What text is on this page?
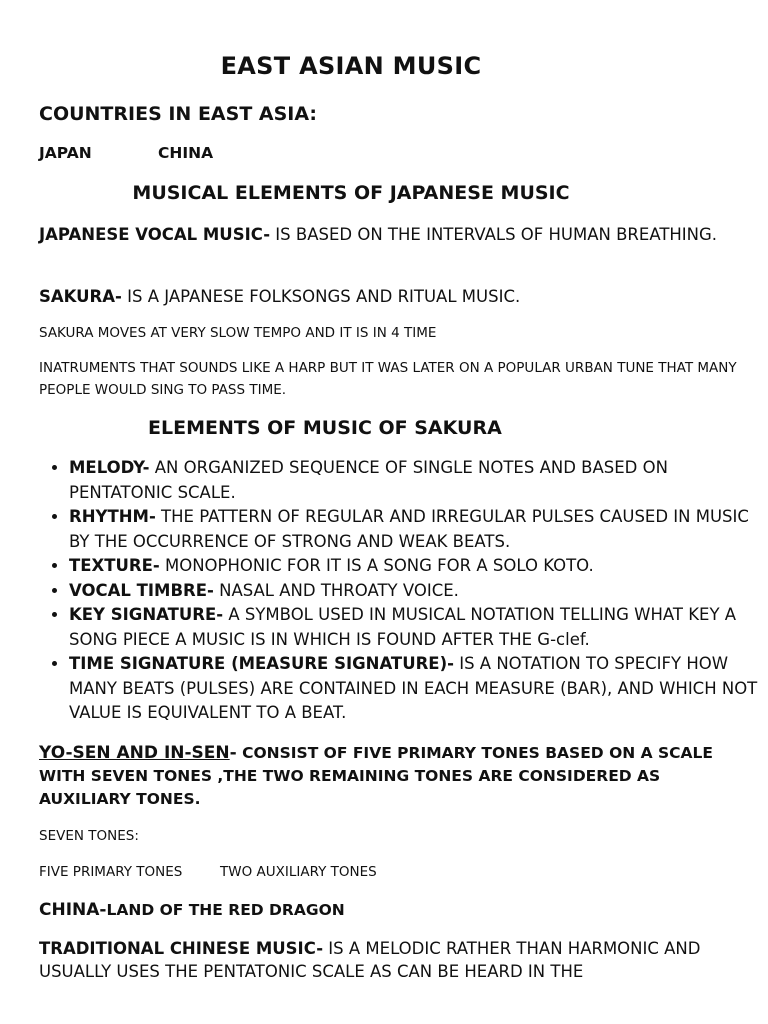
EAST ASIAN MUSIC
COUNTRIES IN EAST ASIA:
JAPAN	CHINA
MUSICAL ELEMENTS OF JAPANESE MUSIC
JAPANESE VOCAL MUSIC- IS BASED ON THE INTERVALS OF HUMAN BREATHING.
SAKURA- IS A JAPANESE FOLKSONGS AND RITUAL MUSIC.
SAKURA MOVES AT VERY SLOW TEMPO AND IT IS IN 4 TIME
INATRUMENTS THAT SOUNDS LIKE A HARP BUT IT WAS LATER ON A POPULAR URBAN TUNE THAT MANY PEOPLE WOULD SING TO PASS TIME.
ELEMENTS OF MUSIC OF SAKURA
• MELODY- AN ORGANIZED SEQUENCE OF SINGLE NOTES AND BASED ON PENTATONIC SCALE.
• RHYTHM- THE PATTERN OF REGULAR AND IRREGULAR PULSES CAUSED IN MUSIC BY THE OCCURRENCE OF STRONG AND WEAK BEATS.
• TEXTURE- MONOPHONIC FOR IT IS A SONG FOR A SOLO KOTO.
• VOCAL TIMBRE- NASAL AND THROATY VOICE.
• KEY SIGNATURE- A SYMBOL USED IN MUSICAL NOTATION TELLING WHAT KEY A SONG PIECE A MUSIC IS IN WHICH IS FOUND AFTER THE G-clef.
• TIME SIGNATURE (MEASURE SIGNATURE)- IS A NOTATION TO SPECIFY HOW MANY BEATS (PULSES) ARE CONTAINED IN EACH MEASURE (BAR), AND WHICH NOT VALUE IS EQUIVALENT TO A BEAT.
YO-SEN AND IN-SEN- CONSIST OF FIVE PRIMARY TONES BASED ON A SCALE WITH SEVEN TONES ,THE TWO REMAINING TONES ARE CONSIDERED AS AUXILIARY TONES.
SEVEN TONES:
FIVE PRIMARY TONES	TWO AUXILIARY TONES
CHINA-LAND OF THE RED DRAGON
TRADITIONAL CHINESE MUSIC- IS A MELODIC RATHER THAN HARMONIC AND USUALLY USES THE PENTATONIC SCALE AS CAN BE HEARD IN THE
